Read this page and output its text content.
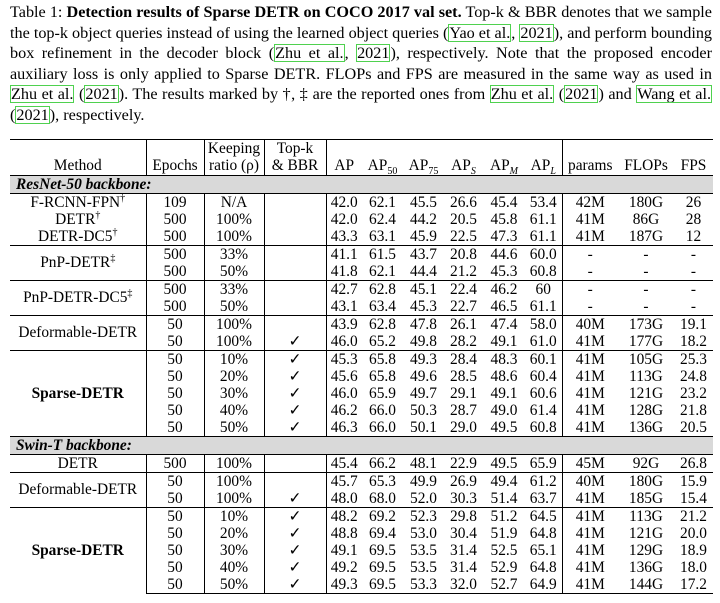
Table 1: Detection results of Sparse DETR on COCO 2017 val set. Top-k & BBR denotes that we sample the top-k object queries instead of using the learned object queries (Yao et al., 2021), and perform bounding box refinement in the decoder block (Zhu et al., 2021), respectively. Note that the proposed encoder auxiliary loss is only applied to Sparse DETR. FLOPs and FPS are measured in the same way as used in Zhu et al. (2021). The results marked by †, ‡ are the reported ones from Zhu et al. (2021) and Wang et al. (2021), respectively.

Method	Epochs	Keeping	Top-k	AP	$AP_{50}$	$AP_{75}$	$AP_S$	$AP_M$	$AP_L$	params	FLOPs	FPS
		ratio (ρ)	& BBR									
ResNet-50 backbone:												
F-RCNN-FPN†	109	N/A		42.0	62.1	45.5	26.6	45.4	53.4	42M	180G	26
DETR†	500	100%		42.0	62.4	44.2	20.5	45.8	61.1	41M	86G	28
DETR-DC5†	500	100%		43.3	63.1	45.9	22.5	47.3	61.1	41M	187G	12
PnP-DETR‡	500	33%		41.1	61.5	43.7	20.8	44.6	60.0	-	-	-
	500	50%		41.8	62.1	44.4	21.2	45.3	60.8	-	-	-
PnP-DETR-DC5‡	500	33%		42.7	62.8	45.1	22.4	46.2	60	-	-	-
	500	50%		43.1	63.4	45.3	22.7	46.5	61.1	-	-	-
Deformable-DETR	50	100%		43.9	62.8	47.8	26.1	47.4	58.0	40M	173G	19.1
	50	100%	✓	46.0	65.2	49.8	28.2	49.1	61.0	41M	177G	18.2
Sparse-DETR	50	10%	✓	45.3	65.8	49.3	28.4	48.3	60.1	41M	105G	25.3
	50	20%	✓	45.6	65.8	49.6	28.5	48.6	60.4	41M	113G	24.8
	50	30%	✓	46.0	65.9	49.7	29.1	49.1	60.6	41M	121G	23.2
	50	40%	✓	46.2	66.0	50.3	28.7	49.0	61.4	41M	128G	21.8
	50	50%	✓	46.3	66.0	50.1	29.0	49.5	60.8	41M	136G	20.5
Swin-T backbone:												
DETR	500	100%		45.4	66.2	48.1	22.9	49.5	65.9	45M	92G	26.8
Deformable-DETR	50	100%		45.7	65.3	49.9	26.9	49.4	61.2	40M	180G	15.9
	50	100%	✓	48.0	68.0	52.0	30.3	51.4	63.7	41M	185G	15.4
Sparse-DETR	50	10%	✓	48.2	69.2	52.3	29.8	51.2	64.5	41M	113G	21.2
	50	20%	✓	48.8	69.4	53.0	30.4	51.9	64.8	41M	121G	20.0
	50	30%	✓	49.1	69.5	53.5	31.4	52.5	65.1	41M	129G	18.9
	50	40%	✓	49.2	69.5	53.5	31.4	52.9	64.8	41M	136G	18.0
	50	50%	✓	49.3	69.5	53.3	32.0	52.7	64.9	41M	144G	17.2
